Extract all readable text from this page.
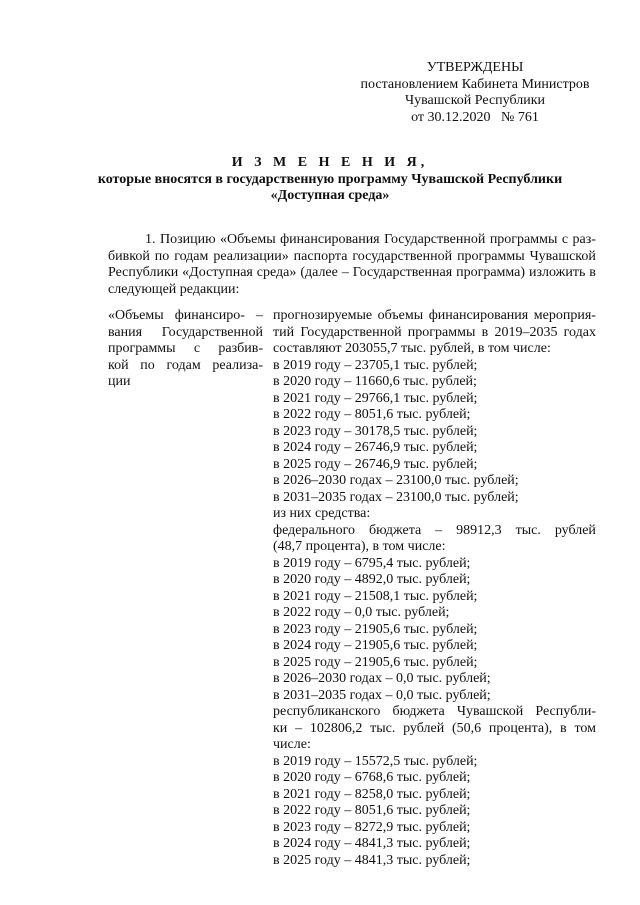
УТВЕРЖДЕНЫ
постановлением Кабинета Министров
Чувашской Республики
от 30.12.2020 № 761
И З М Е Н Е Н И Я,
которые вносятся в государственную программу Чувашской Республики
«Доступная среда»
1. Позицию «Объемы финансирования Государственной программы с раз-
бивкой по годам реализации» паспорта государственной программы Чувашской
Республики «Доступная среда» (далее – Государственная программа) изложить в
следующей редакции:
«Объемы финансиро- –
вания Государственной
программы с разбив-
кой по годам реализа-
ции
прогнозируемые объемы финансирования мероприя-
тий Государственной программы в 2019–2035 годах
составляют 203055,7 тыс. рублей, в том числе:
в 2019 году – 23705,1 тыс. рублей;
в 2020 году – 11660,6 тыс. рублей;
в 2021 году – 29766,1 тыс. рублей;
в 2022 году – 8051,6 тыс. рублей;
в 2023 году – 30178,5 тыс. рублей;
в 2024 году – 26746,9 тыс. рублей;
в 2025 году – 26746,9 тыс. рублей;
в 2026–2030 годах – 23100,0 тыс. рублей;
в 2031–2035 годах – 23100,0 тыс. рублей;
из них средства:
федерального бюджета – 98912,3 тыс. рублей
(48,7 процента), в том числе:
в 2019 году – 6795,4 тыс. рублей;
в 2020 году – 4892,0 тыс. рублей;
в 2021 году – 21508,1 тыс. рублей;
в 2022 году – 0,0 тыс. рублей;
в 2023 году – 21905,6 тыс. рублей;
в 2024 году – 21905,6 тыс. рублей;
в 2025 году – 21905,6 тыс. рублей;
в 2026–2030 годах – 0,0 тыс. рублей;
в 2031–2035 годах – 0,0 тыс. рублей;
республиканского бюджета Чувашской Республи-
ки – 102806,2 тыс. рублей (50,6 процента), в том
числе:
в 2019 году – 15572,5 тыс. рублей;
в 2020 году – 6768,6 тыс. рублей;
в 2021 году – 8258,0 тыс. рублей;
в 2022 году – 8051,6 тыс. рублей;
в 2023 году – 8272,9 тыс. рублей;
в 2024 году – 4841,3 тыс. рублей;
в 2025 году – 4841,3 тыс. рублей;
